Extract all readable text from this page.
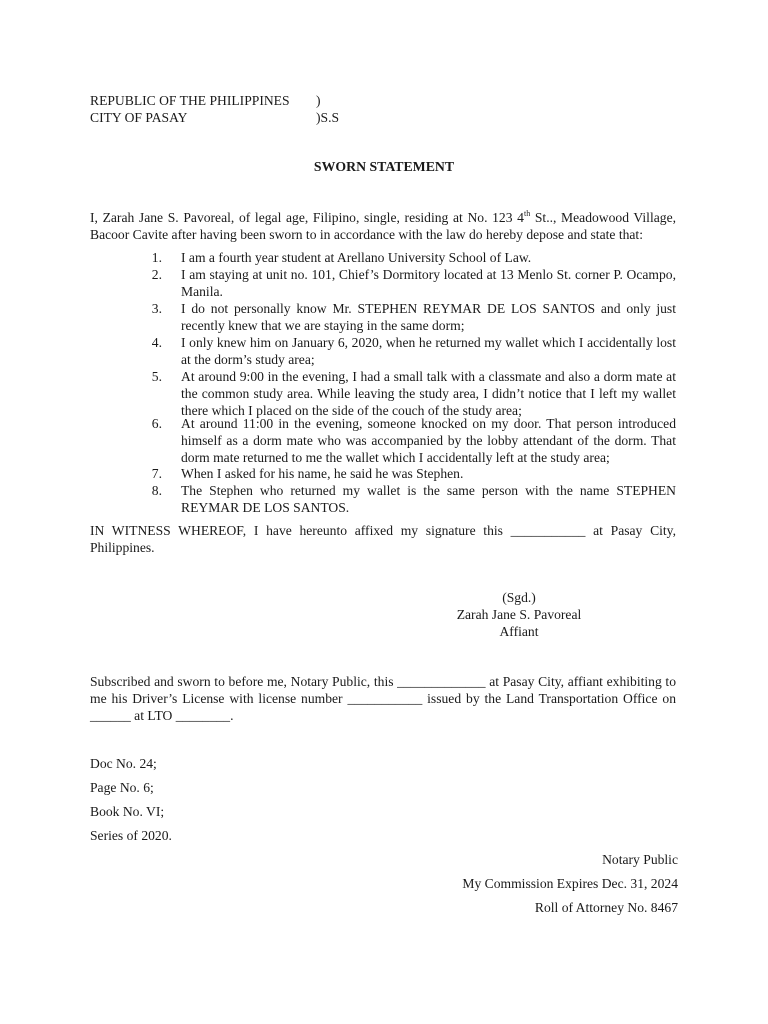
REPUBLIC OF THE PHILIPPINES )
CITY OF PASAY	)S.S
SWORN STATEMENT
I, Zarah Jane S. Pavoreal, of legal age, Filipino, single, residing at No. 123 4th St.., Meadowood Village, Bacoor Cavite after having been sworn to in accordance with the law do hereby depose and state that:
1. I am a fourth year student at Arellano University School of Law.
2. I am staying at unit no. 101, Chief’s Dormitory located at 13 Menlo St. corner P. Ocampo, Manila.
3. I do not personally know Mr. STEPHEN REYMAR DE LOS SANTOS and only just recently knew that we are staying in the same dorm;
4. I only knew him on January 6, 2020, when he returned my wallet which I accidentally lost at the dorm’s study area;
5. At around 9:00 in the evening, I had a small talk with a classmate and also a dorm mate at the common study area. While leaving the study area, I didn’t notice that I left my wallet there which I placed on the side of the couch of the study area;
6. At around 11:00 in the evening, someone knocked on my door. That person introduced himself as a dorm mate who was accompanied by the lobby attendant of the dorm. That dorm mate returned to me the wallet which I accidentally left at the study area;
7. When I asked for his name, he said he was Stephen.
8. The Stephen who returned my wallet is the same person with the name STEPHEN REYMAR DE LOS SANTOS.
IN WITNESS WHEREOF, I have hereunto affixed my signature this ___________ at Pasay City, Philippines.
(Sgd.)
Zarah Jane S. Pavoreal
Affiant
Subscribed and sworn to before me, Notary Public, this _____________ at Pasay City, affiant exhibiting to me his Driver’s License with license number ___________ issued by the Land Transportation Office on ______ at LTO ________.
Doc No. 24;
Page No. 6;
Book No. VI;
Series of 2020.
Notary Public
My Commission Expires Dec. 31, 2024
Roll of Attorney No. 8467
